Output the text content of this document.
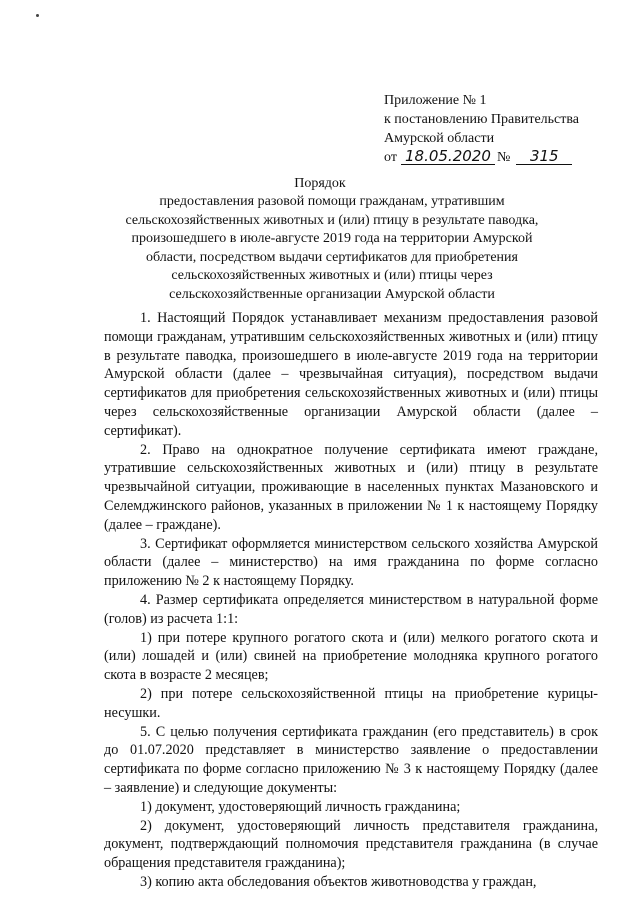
Приложение № 1
к постановлению Правительства
Амурской области
от 18.05.2020 №	315
Порядок
предоставления разовой помощи гражданам, утратившим сельскохозяйственных животных и (или) птицу в результате паводка, произошедшего в июле-августе 2019 года на территории Амурской области, посредством выдачи сертификатов для приобретения сельскохозяйственных животных и (или) птицы через сельскохозяйственные организации Амурской области

1. Настоящий Порядок устанавливает механизм предоставления разовой помощи гражданам, утратившим сельскохозяйственных животных и (или) птицу в результате паводка, произошедшего в июле-августе 2019 года на территории Амурской области (далее – чрезвычайная ситуация), посредством выдачи сертификатов для приобретения сельскохозяйственных животных и (или) птицы через сельскохозяйственные организации Амурской области (далее – сертификат).

2. Право на однократное получение сертификата имеют граждане, утратившие сельскохозяйственных животных и (или) птицу в результате чрезвычайной ситуации, проживающие в населенных пунктах Мазановского и Селемджинского районов, указанных в приложении № 1 к настоящему Порядку (далее – граждане).

3. Сертификат оформляется министерством сельского хозяйства Амурской области (далее – министерство) на имя гражданина по форме согласно приложению № 2 к настоящему Порядку.

4. Размер сертификата определяется министерством в натуральной форме (голов) из расчета 1:1:

1) при потере крупного рогатого скота и (или) мелкого рогатого скота и (или) лошадей и (или) свиней на приобретение молодняка крупного рогатого скота в возрасте 2 месяцев;

2) при потере сельскохозяйственной птицы на приобретение курицы-несушки.

5. С целью получения сертификата гражданин (его представитель) в срок до 01.07.2020 представляет в министерство заявление о предоставлении сертификата по форме согласно приложению № 3 к настоящему Порядку (далее – заявление) и следующие документы:

1) документ, удостоверяющий личность гражданина;

2) документ, удостоверяющий личность представителя гражданина, документ, подтверждающий полномочия представителя гражданина (в случае обращения представителя гражданина);

3) копию акта обследования объектов животноводства у граждан,
